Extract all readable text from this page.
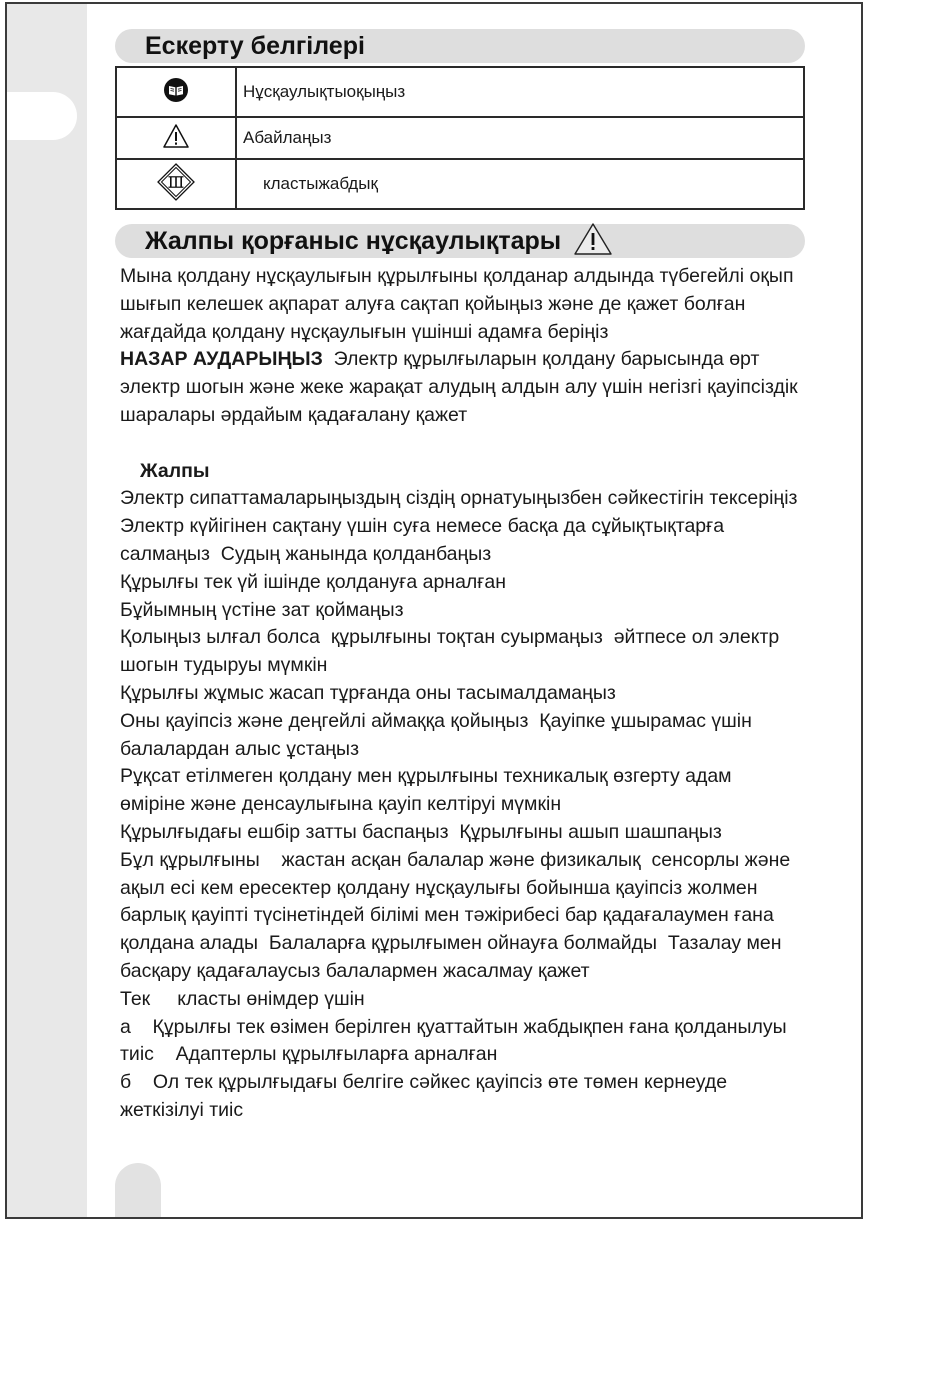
Ескерту белгілері
	Нұсқаулықтыоқыңыз
	Абайлаңыз
	кластыжабдық
Жалпы қорғаныс нұсқаулықтары

Мына қолдану нұсқаулығын құрылғыны қолданар алдында түбегейлі оқып

шығып келешек ақпарат алуға сақтап қойыңыз және де қажет болған

жағдайда қолдану нұсқаулығын үшінші адамға беріңіз

НАЗАР АУДАРЫҢЫЗ Электр құрылғыларын қолдану барысында өрт

электр шогын және жеке жарақат алудың алдын алу үшін негізгі қауіпсіздік

шаралары әрдайым қадағалану қажет

Жалпы

Электр сипаттамаларыңыздың сіздің орнатуыңызбен сәйкестігін тексеріңіз

Электр күйігінен сақтану үшін суға немесе басқа да сұйықтықтарға

салмаңыз  Судың жанында қолданбаңыз

Құрылғы тек үй ішінде қолдануға арналған

Бұйымның үстіне зат қоймаңыз

Қолыңыз ылғал болса  құрылғыны тоқтан суырмаңыз  әйтпесе ол электр

шогын тудыруы мүмкін

Құрылғы жұмыс жасап тұрғанда оны тасымалдамаңыз

Оны қауіпсіз және деңгейлі аймаққа қойыңыз  Қауіпке ұшырамас үшін

балалардан алыс ұстаңыз

Рұқсат етілмеген қолдану мен құрылғыны техникалық өзгерту адам

өміріне және денсаулығына қауіп келтіруі мүмкін

Құрылғыдағы ешбір затты баспаңыз  Құрылғыны ашып шашпаңыз

Бұл құрылғыны    жастан асқан балалар және физикалық  сенсорлы және

ақыл есі кем ересектер қолдану нұсқаулығы бойынша қауіпсіз жолмен

барлық қауіпті түсінетіндей білімі мен тәжірибесі бар қадағалаумен ғана

қолдана алады  Балаларға құрылғымен ойнауға болмайды  Тазалау мен

басқару қадағалаусыз балалармен жасалмау қажет

Тек     класты өнімдер үшін

а    Құрылғы тек өзімен берілген қуаттайтын жабдықпен ғана қолданылуы

тиіс    Адаптерлы құрылғыларға арналған

б    Ол тек құрылғыдағы белгіге сәйкес қауіпсіз өте төмен кернеуде

жеткізілуі тиіс
